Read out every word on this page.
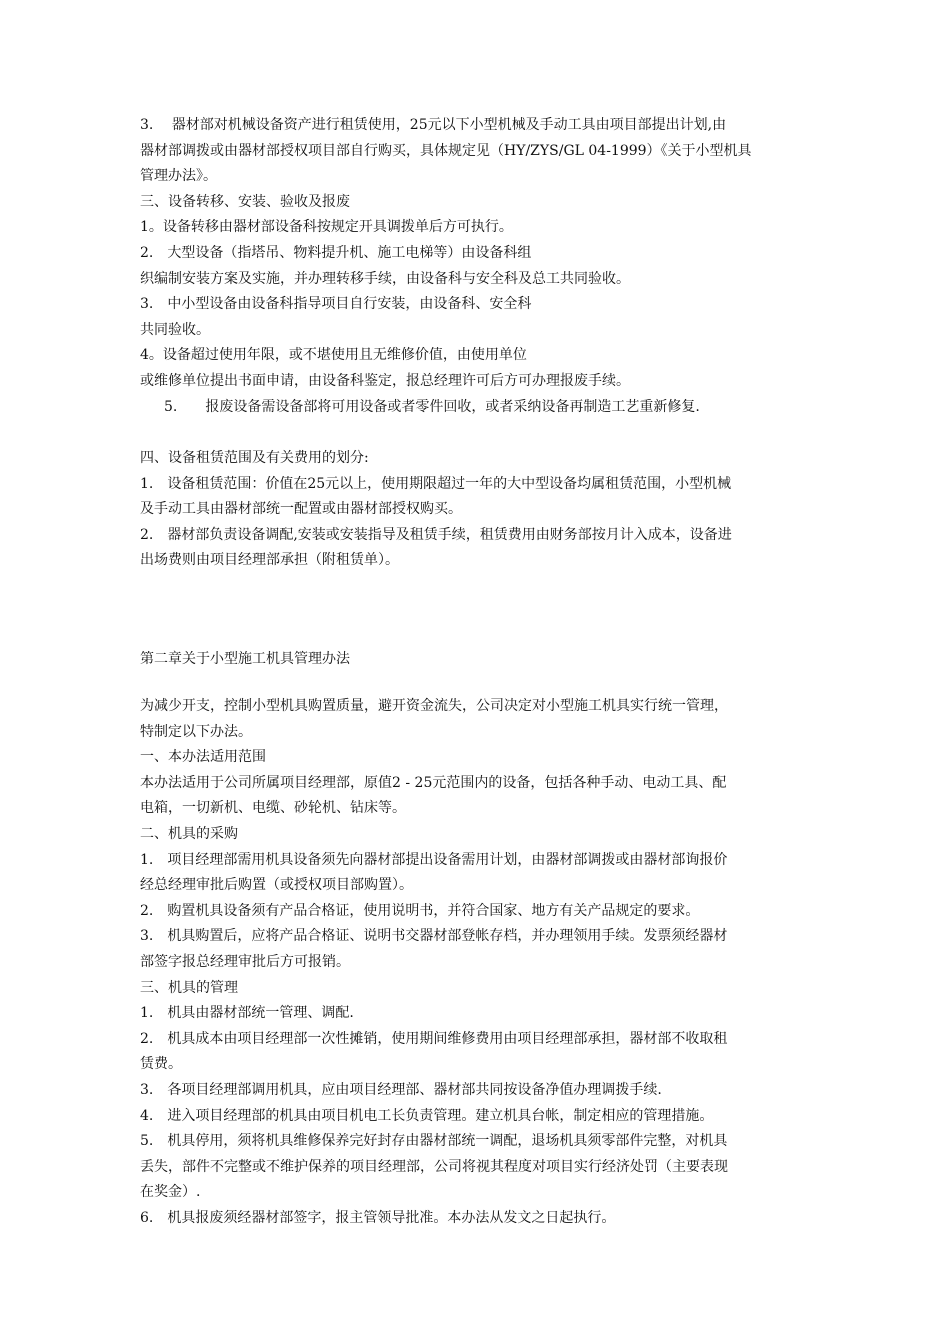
3.　 器材部对机械设备资产进行租赁使用，25元以下小型机械及手动工具由项目部提出计划,由
器材部调拨或由器材部授权项目部自行购买，具体规定见（HY/ZYS/GL 04-1999）《关于小型机具
管理办法》。
三、设备转移、安装、验收及报废
1。设备转移由器材部设备科按规定开具调拨单后方可执行。
2.　大型设备（指塔吊、物料提升机、施工电梯等）由设备科组
织编制安装方案及实施，并办理转移手续，由设备科与安全科及总工共同验收。
3.　中小型设备由设备科指导项目自行安装，由设备科、安全科
共同验收。
4。设备超过使用年限，或不堪使用且无维修价值，由使用单位
或维修单位提出书面申请，由设备科鉴定，报总经理许可后方可办理报废手续。
5.　　报废设备需设备部将可用设备或者零件回收，或者采纳设备再制造工艺重新修复.
四、设备租赁范围及有关费用的划分:
1.　设备租赁范围：价值在25元以上，使用期限超过一年的大中型设备均属租赁范围，小型机械
及手动工具由器材部统一配置或由器材部授权购买。
2.　器材部负责设备调配,安装或安装指导及租赁手续，租赁费用由财务部按月计入成本，设备进
出场费则由项目经理部承担（附租赁单）。
第二章关于小型施工机具管理办法
为减少开支，控制小型机具购置质量，避开资金流失，公司决定对小型施工机具实行统一管理，
特制定以下办法。
一、本办法适用范围
本办法适用于公司所属项目经理部，原值2 - 25元范围内的设备，包括各种手动、电动工具、配
电箱，一切新机、电缆、砂轮机、钻床等。
二、机具的采购
1.　项目经理部需用机具设备须先向器材部提出设备需用计划，由器材部调拨或由器材部询报价
经总经理审批后购置（或授权项目部购置）。
2.　购置机具设备须有产品合格证，使用说明书，并符合国家、地方有关产品规定的要求。
3.　机具购置后，应将产品合格证、说明书交器材部登帐存档，并办理领用手续。发票须经器材
部签字报总经理审批后方可报销。
三、机具的管理
1.　机具由器材部统一管理、调配.
2.　机具成本由项目经理部一次性摊销，使用期间维修费用由项目经理部承担，器材部不收取租
赁费。
3.　各项目经理部调用机具，应由项目经理部、器材部共同按设备净值办理调拨手续.
4.　进入项目经理部的机具由项目机电工长负责管理。建立机具台帐，制定相应的管理措施。
5.　机具停用，须将机具维修保养完好封存由器材部统一调配，退场机具须零部件完整，对机具
丢失，部件不完整或不维护保养的项目经理部，公司将视其程度对项目实行经济处罚（主要表现
在奖金）.
6.　机具报废须经器材部签字，报主管领导批准。本办法从发文之日起执行。
